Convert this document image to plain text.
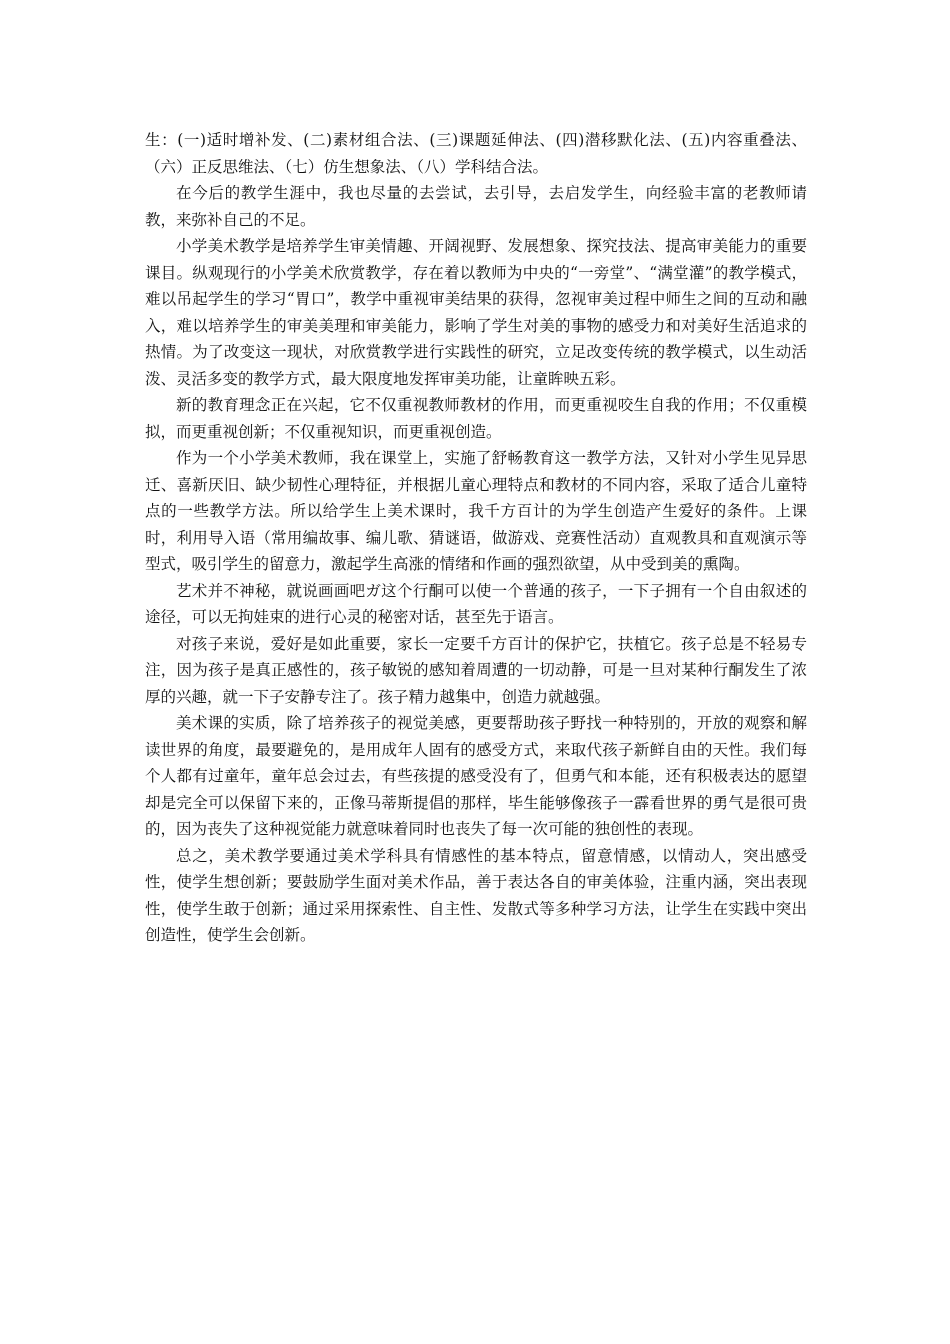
生：(一)适时增补发、(二)素材组合法、(三)课题延伸法、(四)潜移默化法、(五)内容重叠法、（六）正反思维法、（七）仿生想象法、（八）学科结合法。

在今后的教学生涯中，我也尽量的去尝试，去引导，去启发学生，向经验丰富的老教师请教，来弥补自己的不足。

小学美术教学是培养学生审美情趣、开阔视野、发展想象、探究技法、提高审美能力的重要课目。纵观现行的小学美术欣赏教学，存在着以教师为中央的“一旁堂”、“满堂灌”的教学模式，难以吊起学生的学习“胃口”，教学中重视审美结果的获得，忽视审美过程中师生之间的互动和融入，难以培养学生的审美美理和审美能力，影响了学生对美的事物的感受力和对美好生活追求的热情。为了改变这一现状，对欣赏教学进行实践性的研究，立足改变传统的教学模式，以生动活泼、灵活多变的教学方式，最大限度地发挥审美功能，让童眸映五彩。

新的教育理念正在兴起，它不仅重视教师教材的作用，而更重视咬生自我的作用；不仅重模拟，而更重视创新；不仅重视知识，而更重视创造。

作为一个小学美术教师，我在课堂上，实施了舒畅教育这一教学方法，又针对小学生见异思迁、喜新厌旧、缺少韧性心理特征，并根据儿童心理特点和教材的不同内容，采取了适合儿童特点的一些教学方法。所以给学生上美术课时，我千方百计的为学生创造产生爱好的条件。上课时，利用导入语（常用编故事、编儿歌、猜谜语，做游戏、竞赛性活动）直观教具和直观演示等型式，吸引学生的留意力，激起学生高涨的情绪和作画的强烈欲望，从中受到美的熏陶。

艺术并不神秘，就说画画吧ガ这个行酮可以使一个普通的孩子，一下子拥有一个自由叙述的途径，可以无拘娃束的进行心灵的秘密对话，甚至先于语言。

对孩子来说，爱好是如此重要，家长一定要千方百计的保护它，扶植它。孩子总是不轻易专注，因为孩子是真正感性的，孩子敏锐的感知着周遭的一切动静，可是一旦对某种行酮发生了浓厚的兴趣，就一下子安静专注了。孩子精力越集中，创造力就越强。

美术课的实质，除了培养孩子的视觉美感，更要帮助孩子野找一种特别的，开放的观察和解读世界的角度，最要避免的，是用成年人固有的感受方式，来取代孩子新鲜自由的天性。我们每个人都有过童年，童年总会过去，有些孩提的感受没有了，但勇气和本能，还有积极表达的愿望却是完全可以保留下来的，正像马蒂斯提倡的那样，毕生能够像孩子一霹看世界的勇气是很可贵的，因为丧失了这种视觉能力就意味着同时也丧失了每一次可能的独创性的表现。

总之，美术教学要通过美术学科具有情感性的基本特点，留意情感，以情动人，突出感受性，使学生想创新；要鼓励学生面对美术作品，善于表达各自的审美体验，注重内涵，突出表现性，使学生敢于创新；通过采用探索性、自主性、发散式等多种学习方法，让学生在实践中突出创造性，使学生会创新。
